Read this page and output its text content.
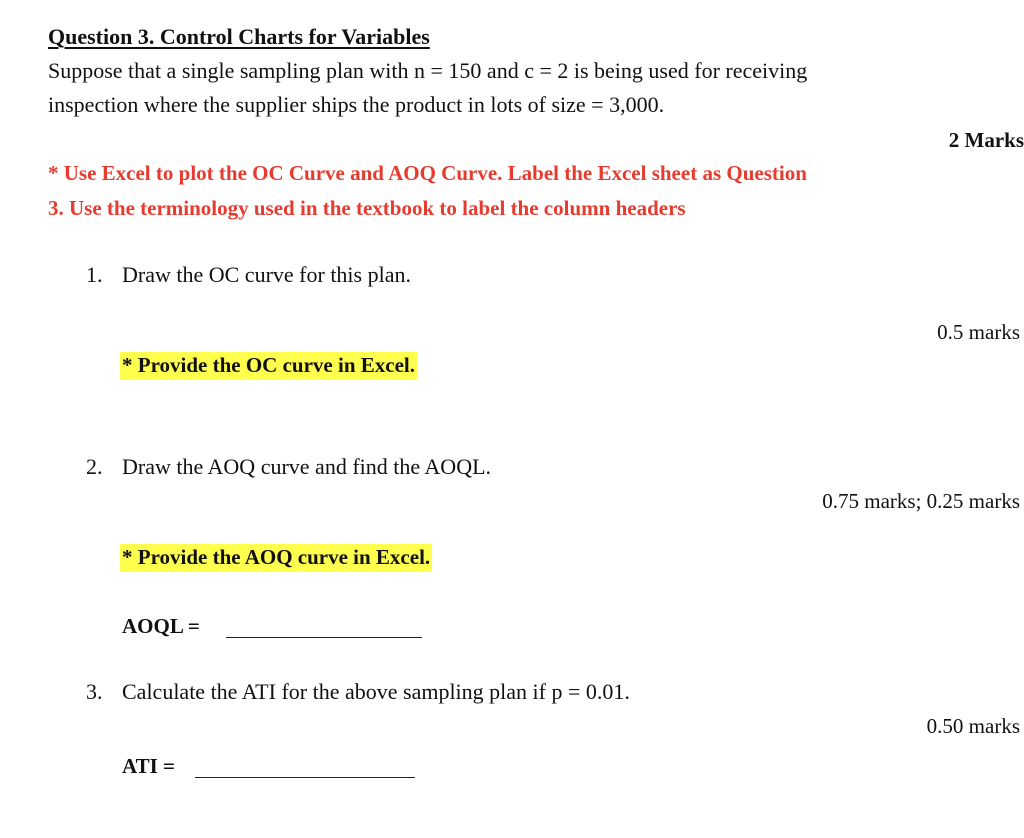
Question 3. Control Charts for Variables
Suppose that a single sampling plan with n = 150 and c = 2 is being used for receiving
inspection where the supplier ships the product in lots of size = 3,000.
2 Marks
* Use Excel to plot the OC Curve and AOQ Curve. Label the Excel sheet as Question
3. Use the terminology used in the textbook to label the column headers
1. Draw the OC curve for this plan.
0.5 marks
* Provide the OC curve in Excel.
2. Draw the AOQ curve and find the AOQL.
0.75 marks; 0.25 marks
* Provide the AOQ curve in Excel.
AOQL =
3. Calculate the ATI for the above sampling plan if p = 0.01.
0.50 marks
ATI =
